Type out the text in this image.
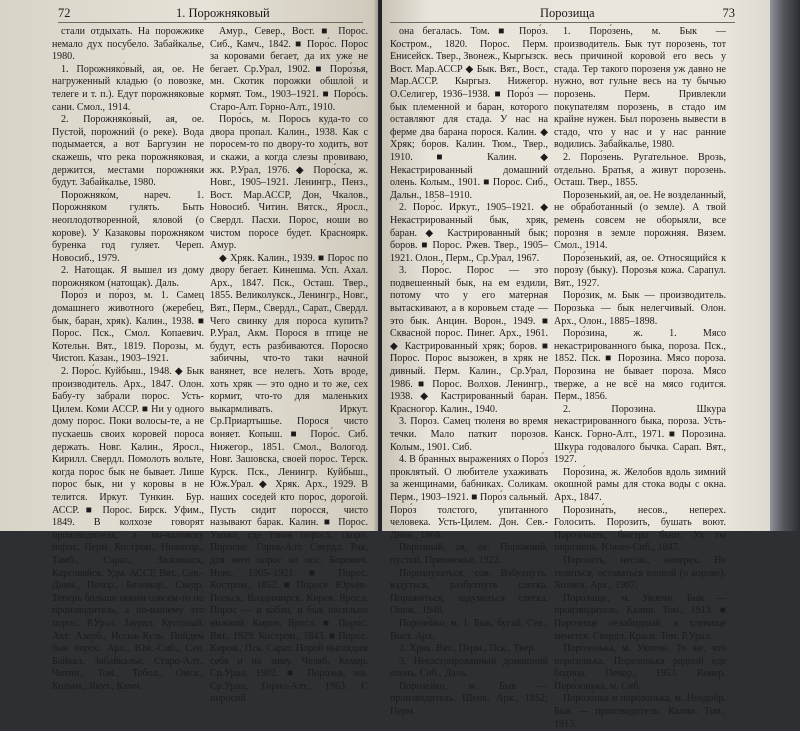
72	1. Порожняковый

стали отдыхать. На порожжике немало дух посубело. Забайкалье, 1980.

1. Порожняко́вый, ая, ое. Не нагруженный кладью (о повозке, телеге и т. п.). Едут порожняковые сани. Смол., 1914.

2. Порожняко́вый, ая, ое. Пустой, порожний (о реке). Вода подымается, а вот Баргузин не скажешь, что река порожняковая, держится, местами порожняки будут. Забайкалье, 1980.

Порожняко́м, нареч. 1. Порожняком гулять. Быть неоплодотворенной, яловой (о корове). У Казаковы порожняком буренка год гуляет. Череп. Новосиб., 1979.

2. Натощак. Я вышел из дому порожняком (натощак). Даль.

Поро́з и по́роз, м. 1. Самец домашнего животного (жеребец, бык, баран, хряк). Калин., 1938. ■ Порос. Пск., Смол. Копаевич. Котельн. Вят., 1819. Порозы, м. Чистоп. Казан., 1903–1921.

2. Поро́с. Куйбыш., 1948. ◆ Бык производитель. Арх., 1847. Олон. Бабу-ту забрали порос. Усть-Цилем. Коми АССР. ■ Ни у одного дому порос. Поки волосы-те, а не пускаешь своих коровей пороса держать. Новг. Калин., Яросл., Кирилл. Свердл. Помолоть вольте, когда порос бык не бывает. Лише порос бык, ни у коровы в не телится. Иркут. Тункин. Бур. АССР. ■ Порос. Бирск. Уфим., 1849. В колхозе говорят производителя, а по-чаловску порос. Перм. Костром., Нижегор., Тамб., Сарат., Зилованск, Карсовайск. Удм. АССР, Вят., Сев.-Двин., Печор., Беломор., Сведр. Теперь больше неким совсем-то по производитель, а по-нашему это порос. Р.Урал. Заурал. Кустанай. Акт. Азерб., Иссык-Куль. Пойдем бык порос. Арх., Юж.-Сиб., Сев. Байкал. Забайкалье. Старо-Алт., Читин., Том., Тобол., Омск., Колым., Якут., Камч.

Амур., Север., Вост. ■ Порос. Сиб., Камч., 1842. ■ Поро́с. Порос за коровами бегает, да их уже не бегает. Ср.Урал, 1902. ■ Поро́зья, мн. Скотик порожки обшлой и кормят. Том., 1903–1921. ■ Поро́сь. Старо-Алт. Горно-Алт., 1910.

Поро́сь, м. Порось куда-то со двора пропал. Калин., 1938. Как с поросем-то по двору-то ходить, вот и скажи, а когда слезы провиваю, жк. Р.Урал, 1976. ◆ Поро́ска, ж. Новг., 1905–1921. Ленингр., Пенз., Вост. Мар.АССР, Дон, Чкалов., Новосиб. Читин. Вятск., Яросл., Свердл. Пасхи. Порос, ноши во чистом поросе будет. Красноярк. Амур.

◆ Хряк. Калин., 1939. ■ Порос по двору бегает. Кинешма. Усп. Ахал. Арх., 1847. Пск., Осташ. Твер., 1855. Великолукск., Ленингр., Новг., Вят., Перм., Свердл., Сарат., Свердл. Чего свинку для пороса купить? Р.Урал, Акм. Порося в птице не будут, есть разбиваются. Поросяо забичны, что-то таки начной ванянет, все нелегь. Хоть вроде, хоть хряк — это одно и то же, сех кормит, что-то для маленьких выкармливать. Иркут. Ср.Приартышье. Порося чисто воняет. Копыш. ■ Поро́с. Сиб. Нижегор., 1851. Смол., Вологод. Новг. Зашовска, своей порос. Терск. Курск. Пск., Ленингр. Куйбыш., Юж.Урал. ◆ Хряк. Арх., 1929. В наших соседей кто порос, дорогой. Пусть сидит поросся, чисто называют барак. Калин. ■ Порос. Ухожо, где таков поросх, скоро. Поросие. Горок-Алт. Свердл. Рак, для него порос во пос. Борович. Новг., 1905–1921. ■ Порос. Костром., 1852. ■ Поросе. Юрьев-Польск. Владимирск. Кирев. Яросл. Порос — и кабан, и бык насильно нижний. Киров. Яросл. ■ Поро́с. Вят., 1929. Костром., 1843. ■ Поро́с. Киров., Пск. Сарат. Порой выглядим себя и на зиму. Челяб. Кемер. Ср.Урал, 1902. ■ Поро́зья, мн. Ср.Урал, Горно-Алт., 1963. С поросой

Порозища	73

она бегалась. Том. ■ Поро́з. Костром., 1820. Порос. Перм. Енисейск. Твер., Звонеж., Кыргызск. Вост. Мар.АССР ◆ Бык. Вят., Вост., Мар.АССР. Кыргыз. Нижегор. О.Селигер, 1936–1938. ■ Поро́з — бык племенной и баран, которого оставляют для стада. У нас на ферме два барана порося. Калин. ◆ Хряк; боров. Калин. Тюм., Твер., 1910. ■ Калин. ◆ Некастрированный домашний олень. Колым., 1901. ■ Порос. Сиб., Дальн., 1858–1910.

2. Поро́с. Иркут., 1905–1921. ◆ Некастрированный бык, хряк, баран. ◆ Кастрированный бык; боров. ■ Порос. Ржев. Твер., 1905–1921. Олон., Перм., Ср.Урал, 1967.

3. Поро́с. Порос — это подвешенный бык, на ем ездили, потому что у его матерная вытаскивают, а в коровьем стаде — это бык. Анцин. Ворон., 1949. ■ Сквасной порос. Пинег. Арх., 1961. ◆ Кастрированный хряк; боров. ■ Порос. Порос вызожен, в хряк не дивный. Перм. Калин., Ср.Урал, 1986. ■ Порос. Волхов. Ленингр., 1938. ◆ Кастрированный баран. Красногор. Калин., 1940.

3. Поро́з. Самец тюленя во время течки. Мало паткит порозов. Колым., 1901. Сиб.

4. В бранных выражениях о Поро́з проклятый. О любителе ухаживать за женщинами, бабниках. Соликам. Перм., 1903–1921. ■ Поро́з сальный. Поро́з толстого, упитанного человека. Усть-Цилем. Дон. Сев.-Двин., 1868.

Поро́зный, ая, ое. Порожний, пустой. Прионежье, 1922.

Порозлу́хаться, сов. Взбухнуть, вздуться, разбухнуть слегка. Поражиться, задуматься слегка. Онеж., 1948.

Порозе́йко, м. 1. Бык, бугай. Сев., Вост. Арх.

2. Хряк. Вят., Перм., Пск., Твер.

3. Некастрированный домашний олень. Сиб., Даль.

Порозе́йко, м. Бык — производитель. Шенк. Арх., 1852; Перм.

1. Поро́зень, м. Бык — производитель. Бык тут порозень, тот весь причиной коровой его весь у стада. Тер такого порозеня уж давно не нужно, вот гульне весь на ту бычью порозень. Перм. Привлекли покупателям порозень, в стадо им крайне нужен. Был порозень вывести в стадо, что у нас и у нас ранние водились. Забайкалье, 1980.

2. Поро́зень. Ругательное. Врозь, отдельно. Братья, а живут порозень. Осташ. Твер., 1855.

Порозенький, ая, ое. Не возделанный, не обработанный (о земле). А твой ремень совсем не оборыяли, все порозня в земле порожняя. Вязем. Смол., 1914.

Поро́зенький, ая, ое. Относящийся к порозу (быку). Порозья кожа. Сарапул. Вят., 1927.

Поро́зик, м. Бык — производитель. Порозька — бык нелегчивый. Олон. Арх., Олон., 1885–1898.

Поро́зина, ж. 1. Мясо некастрированного быка, пороза. Пск., 1852. Пск. ■ Порозина. Мясо пороза. Порозина не бывает пороза. Мясо тверже, а не всё на мясо годится. Перм., 1856.

2. Порозина. Шкура некастрированного быка, пороза. Усть-Канск. Горно-Алт., 1971. ■ Порозина. Шкура годовалого бычка. Сарап. Вят., 1927.

Поро́зина, ж. Желобов вдоль зимний окошной рамы для стока воды с окна. Арх., 1847.

Порозина́ть, несов., неперех. Голосить. Порозить, бушать воют. Порозинать, быстро бьют. Ух ты порозишь. Южно-Сиб., 1847.

Порозить, несов., неперех. Не телиться, оставаться яловой (о корове). Холмог. Арх., 1907.

Поро́зище, м. Увлечн. Бык — производитель. Калин. Том., 1913. ■ Порозище незабидный, в хлевище мечется. Свердл. Красн. Том. Р.Урал.

Поро́зонька, м. Увлечн. То же, что поро́зонька. Порозонька родной еде бодица. Печор., 1953. Кемер. Поро́зонька, м. Сиб.

Порозо́нка и поро́зонька, м. Неодобр. Бык — производитель. Калин. Том., 1913.
